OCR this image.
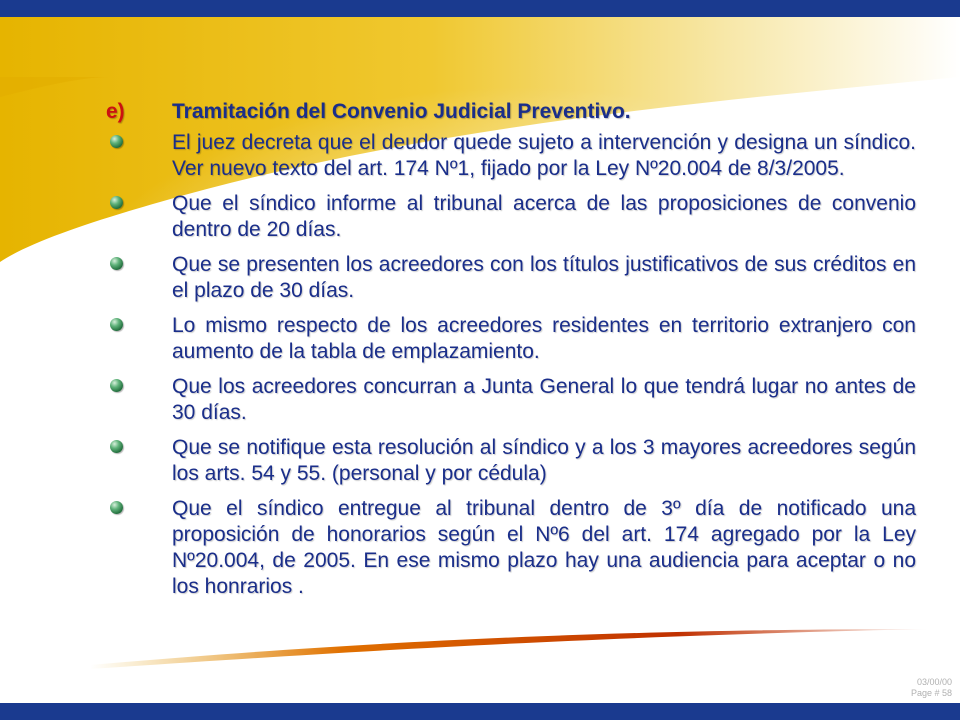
e)	Tramitación del Convenio Judicial Preventivo.
El juez decreta que el deudor quede sujeto a intervención y designa un síndico. Ver nuevo texto del art. 174 Nº1, fijado por la Ley Nº20.004 de 8/3/2005.
Que el síndico informe al tribunal acerca de las proposiciones de convenio dentro de 20 días.
Que se presenten los acreedores con los títulos justificativos de sus créditos en el plazo de 30 días.
Lo mismo respecto de los acreedores residentes en territorio extranjero con aumento de la tabla de emplazamiento.
Que los acreedores concurran a Junta General lo que tendrá lugar no antes de 30 días.
Que se notifique esta resolución al síndico y a los 3 mayores acreedores según los arts. 54 y 55. (personal y por cédula)
Que el síndico entregue al tribunal dentro de 3º día de notificado una proposición de honorarios según el Nº6 del art. 174 agregado por la Ley Nº20.004, de 2005. En ese mismo plazo hay una audiencia para aceptar o no los honrarios .
03/00/00
Page # 58
